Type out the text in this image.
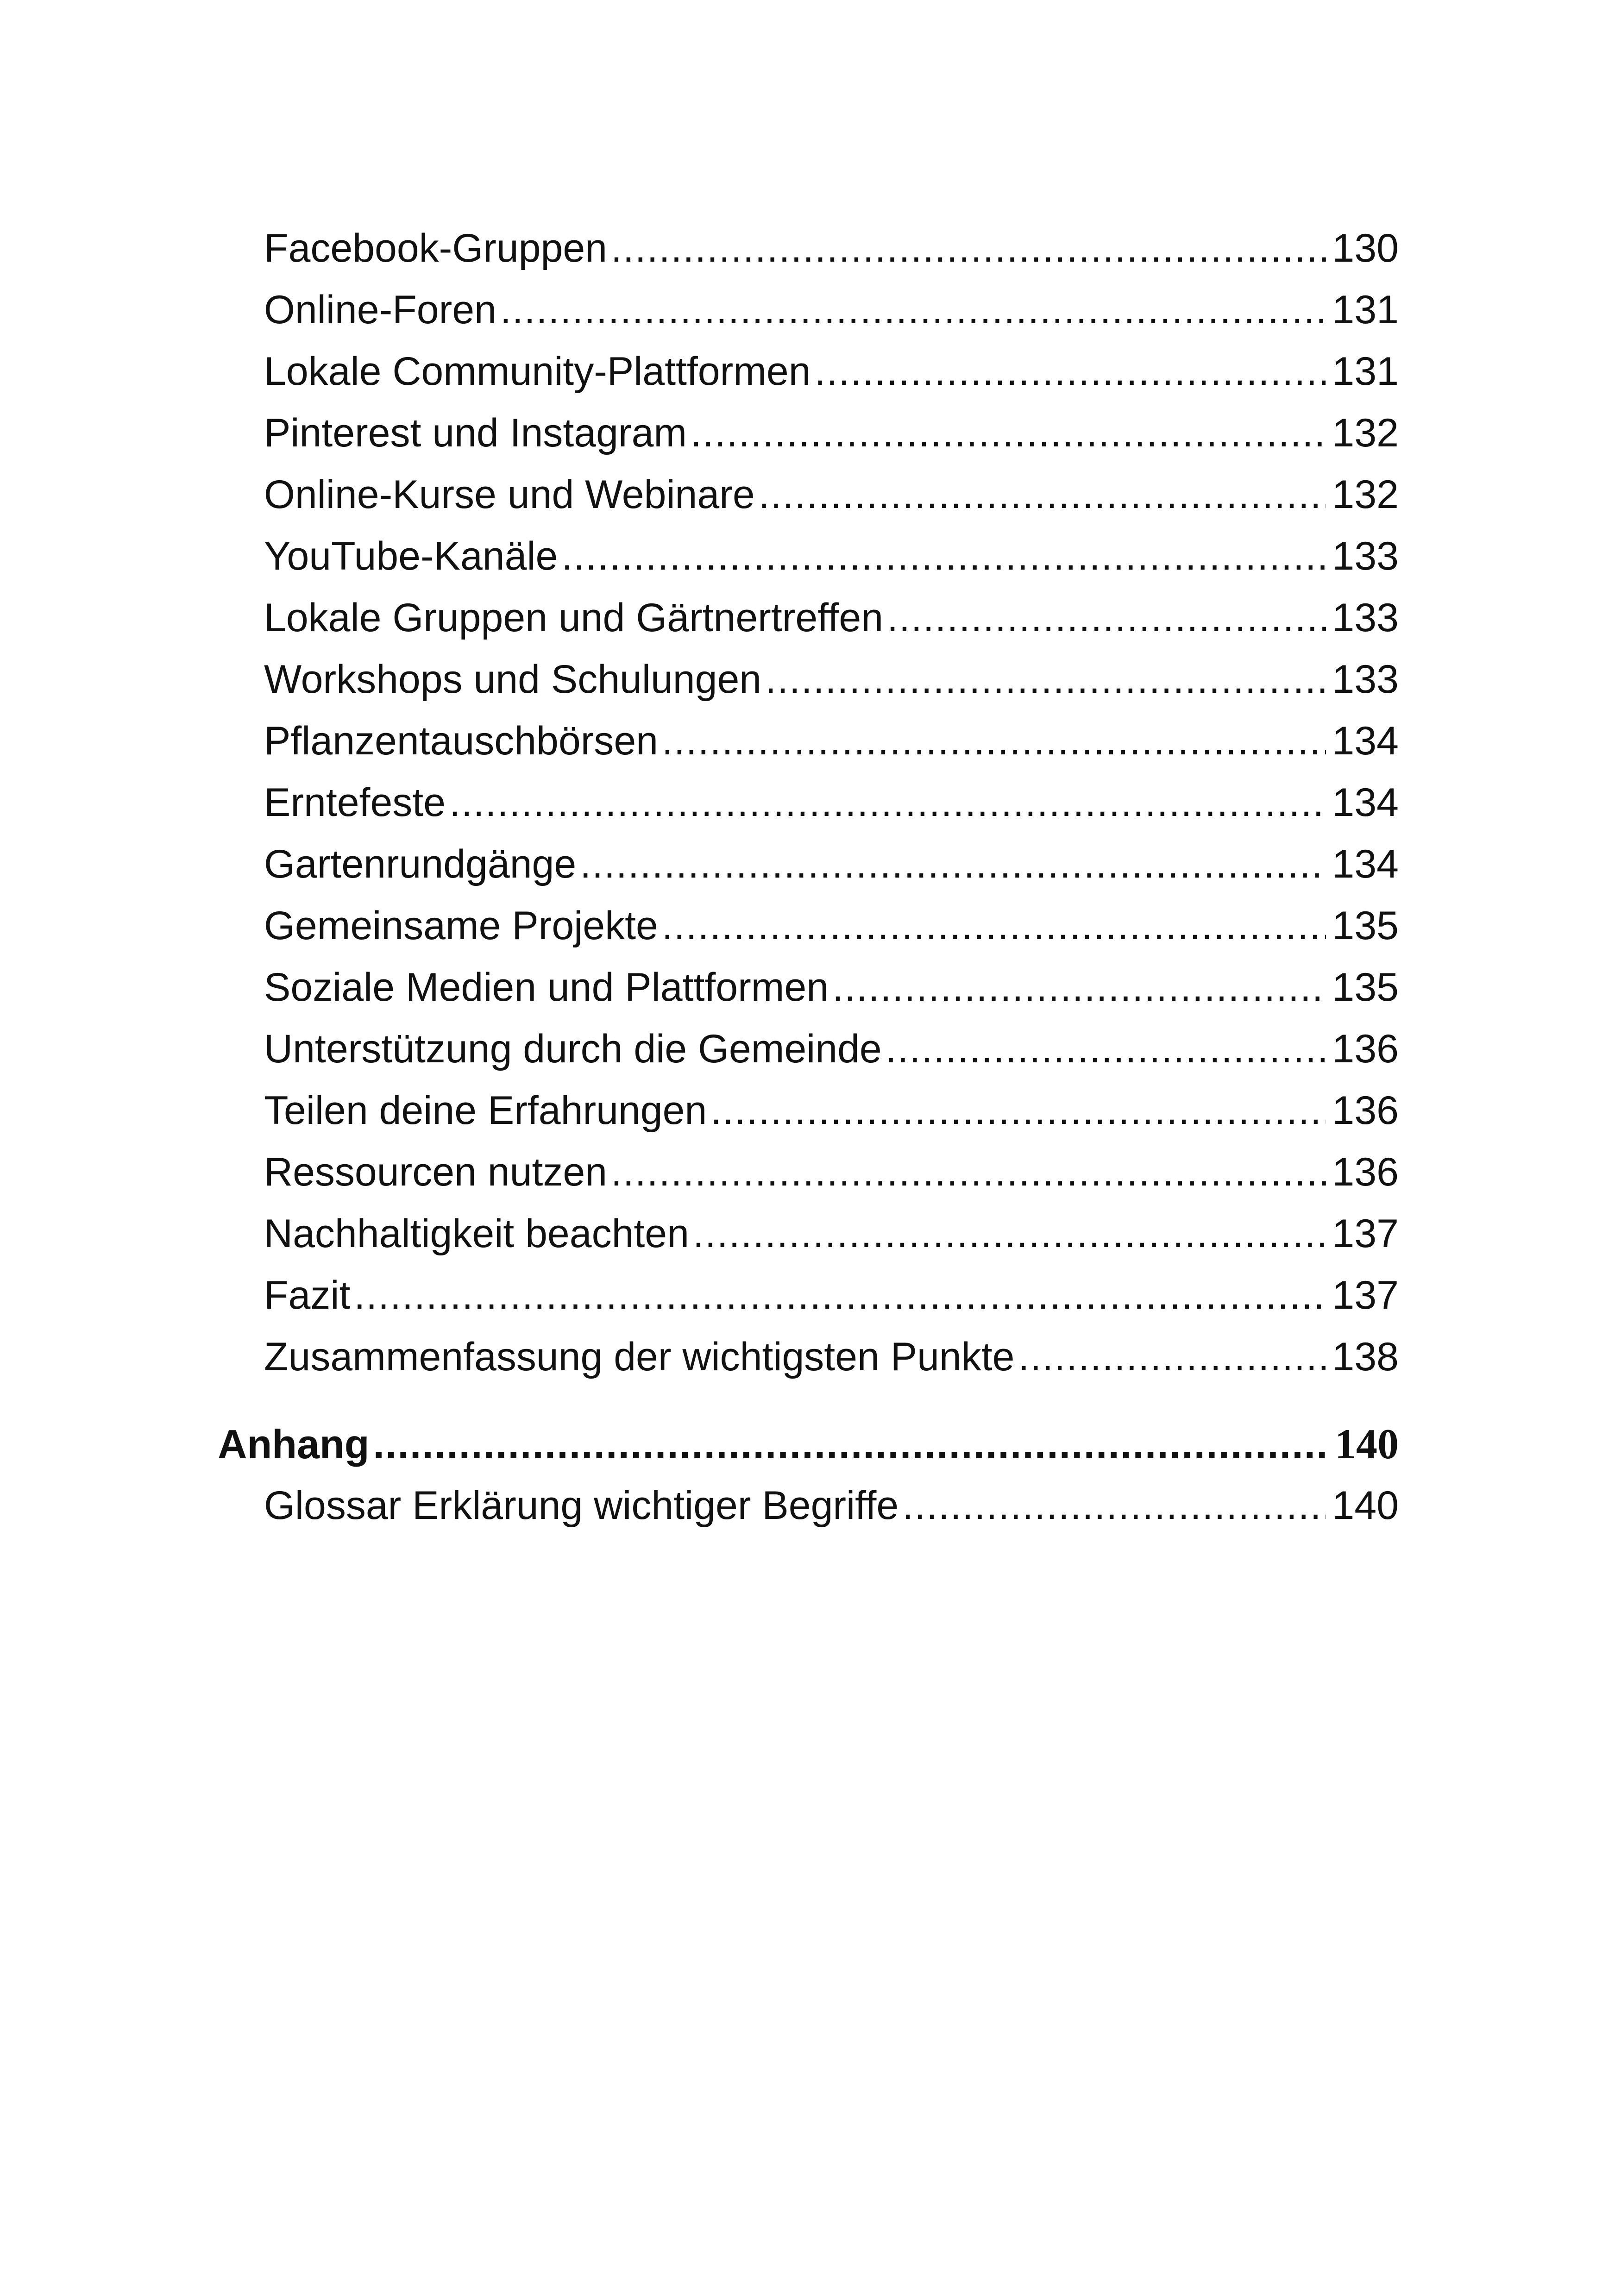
Facebook-Gruppen .....	130
Online-Foren .....	131
Lokale Community-Plattformen .....	131
Pinterest und Instagram .....	132
Online-Kurse und Webinare .....	132
YouTube-Kanäle .....	133
Lokale Gruppen und Gärtnertreffen .....	133
Workshops und Schulungen .....	133
Pflanzentauschbörsen .....	134
Erntefeste .....	134
Gartenrundgänge .....	134
Gemeinsame Projekte .....	135
Soziale Medien und Plattformen .....	135
Unterstützung durch die Gemeinde .....	136
Teilen deine Erfahrungen .....	136
Ressourcen nutzen .....	136
Nachhaltigkeit beachten .....	137
Fazit .....	137
Zusammenfassung der wichtigsten Punkte .....	138
Anhang .....	140
Glossar Erklärung wichtiger Begriffe .....	140
